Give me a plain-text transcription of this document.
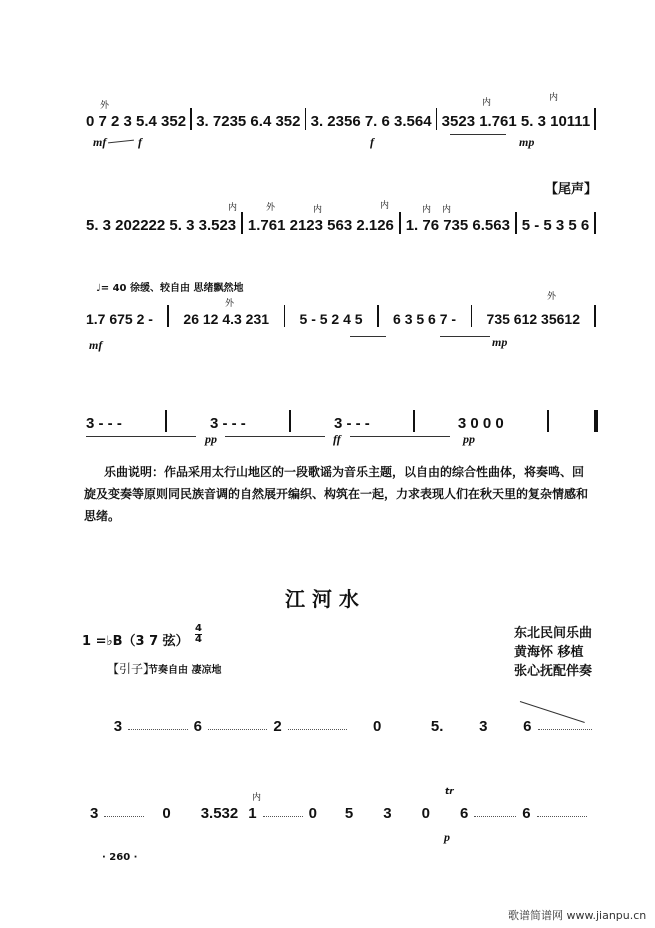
外	内	内
0 7 2 3 5.4 352 3. 7235 6.4 352 3. 2356 7. 6 3.564 3523 1.761 5. 3 10111
mf	f	f	mp
【尾声】
5. 3 202222 5. 3 3.523 1.761 2123 563 2.126 1. 76 735 6.563 5 - 5 3 5 6
内	外	内	内	内 内
♩= 40 徐缓、较自由 思绪飘然地
1.7 675 2 - 26 12 4.3 231 5 - 5 2 4 5 6 3 5 6 7 - 735 612 35612
外
外
mf	mp
3 - - -	3 - - -	3 - - -	3 0 0 0
pp	ff	pp
乐曲说明：作品采用太行山地区的一段歌谣为音乐主题，以自由的综合性曲体，将奏鸣、回旋及变奏等原则同民族音调的自然展开编织、构筑在一起，力求表现人们在秋天里的复杂情感和思绪。
江 河 水
1 =♭B（3 7 弦）
4
4
【引子】
节奏自由 凄凉地
东北民间乐曲
黄海怀 移植
张心抚配伴奏
3	6	2	0	5. 3 6
内
tr
3	0 3.532 1	0 5 3 0 6	6
p
· 260 ·
歌谱简谱网 www.jianpu.cn
